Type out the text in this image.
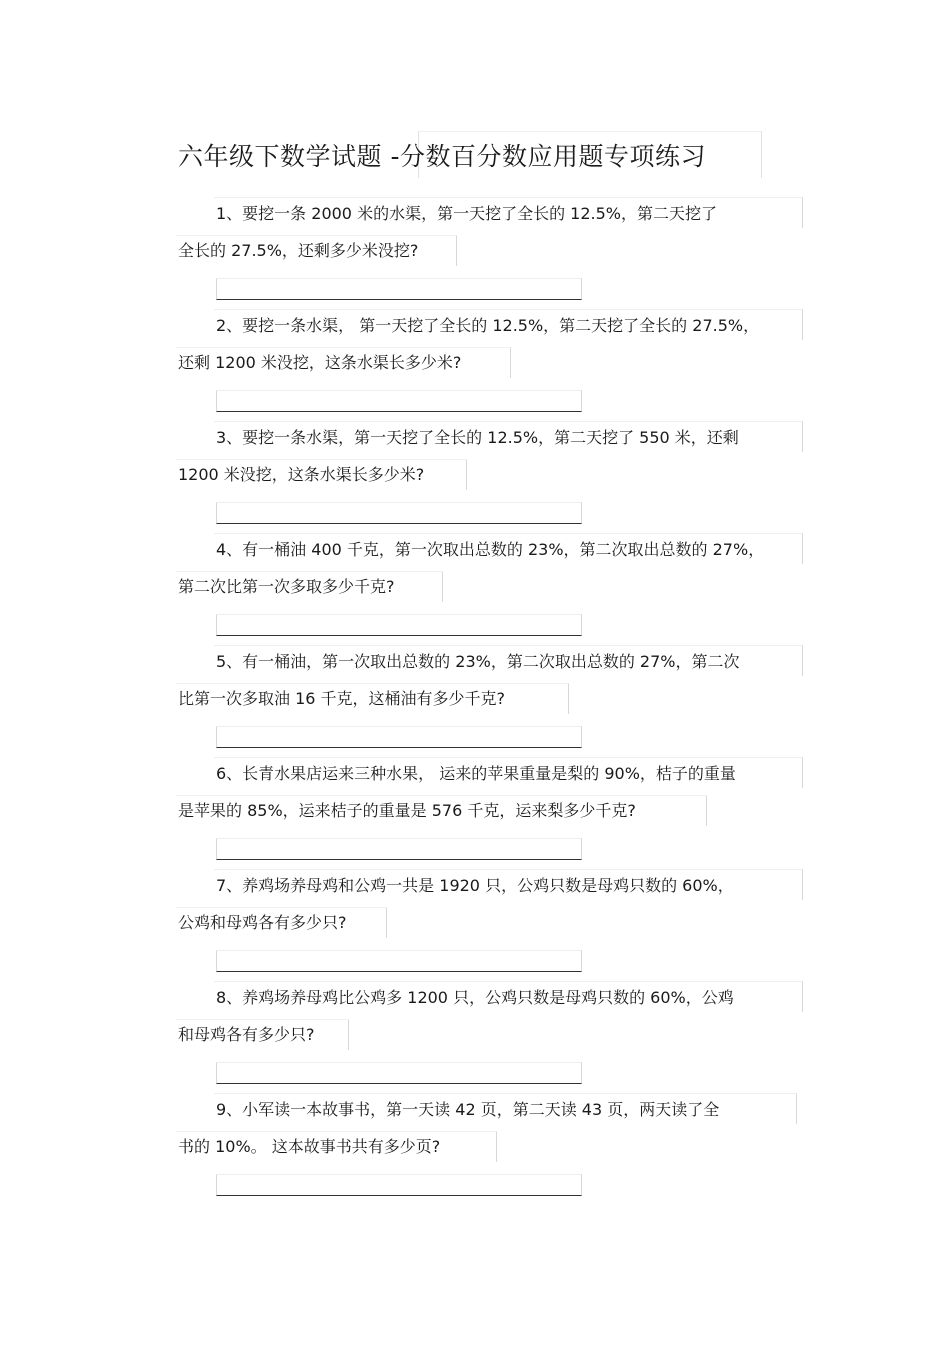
六年级下数学试题 -分数百分数应用题专项练习
1、要挖一条 2000 米的水渠，第一天挖了全长的 12.5%，第二天挖了
全长的 27.5%，还剩多少米没挖?
2、要挖一条水渠， 第一天挖了全长的 12.5%，第二天挖了全长的 27.5%，
还剩 1200 米没挖，这条水渠长多少米?
3、要挖一条水渠，第一天挖了全长的 12.5%，第二天挖了 550 米，还剩
1200 米没挖，这条水渠长多少米?
4、有一桶油 400 千克，第一次取出总数的 23%，第二次取出总数的 27%，
第二次比第一次多取多少千克?
5、有一桶油，第一次取出总数的 23%，第二次取出总数的 27%，第二次
比第一次多取油 16 千克，这桶油有多少千克?
6、长青水果店运来三种水果， 运来的苹果重量是梨的 90%，桔子的重量
是苹果的 85%，运来桔子的重量是 576 千克，运来梨多少千克?
7、养鸡场养母鸡和公鸡一共是 1920 只，公鸡只数是母鸡只数的 60%，
公鸡和母鸡各有多少只?
8、养鸡场养母鸡比公鸡多 1200 只，公鸡只数是母鸡只数的 60%，公鸡
和母鸡各有多少只?
9、小军读一本故事书，第一天读 42 页，第二天读 43 页，两天读了全
书的 10%。 这本故事书共有多少页?
